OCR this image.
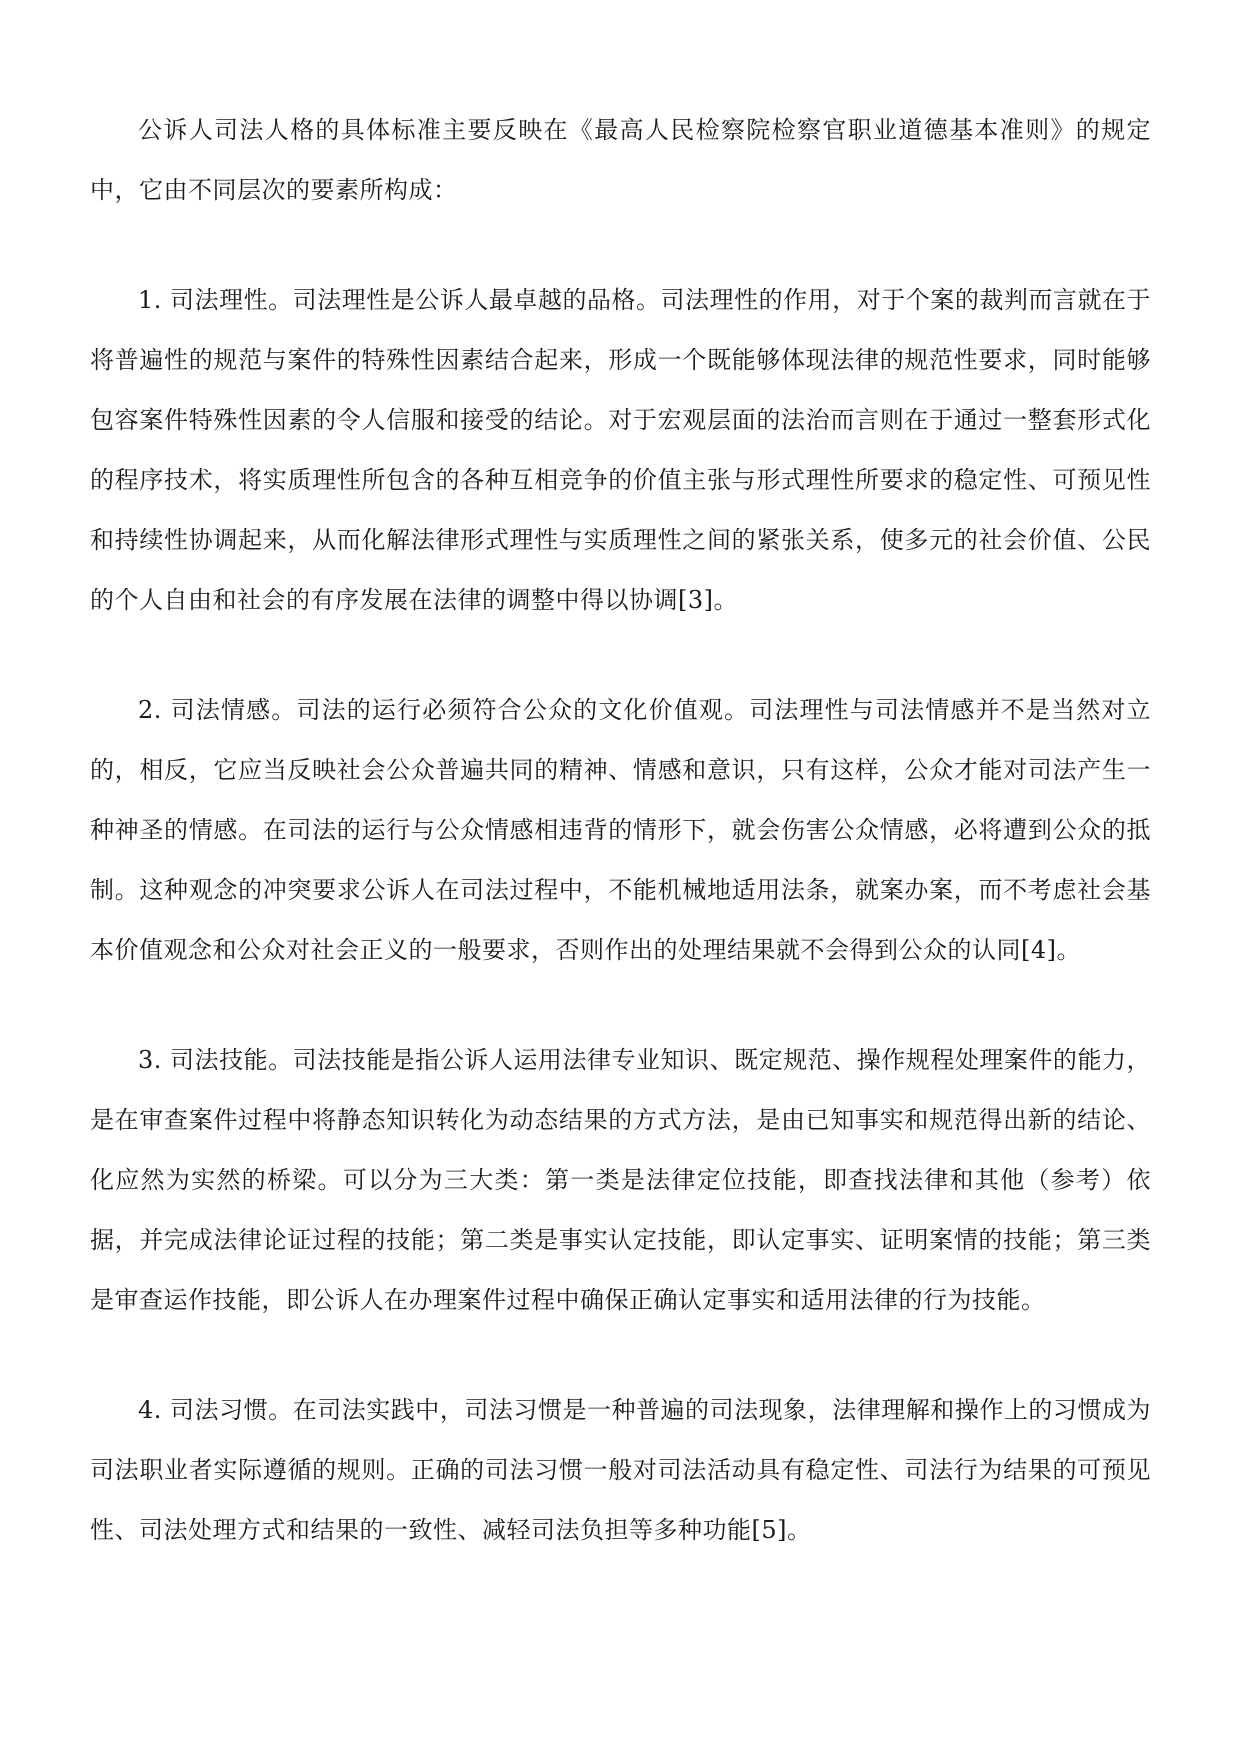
公诉人司法人格的具体标准主要反映在《最高人民检察院检察官职业道德基本准则》的规定中，它由不同层次的要素所构成：

1. 司法理性。司法理性是公诉人最卓越的品格。司法理性的作用，对于个案的裁判而言就在于将普遍性的规范与案件的特殊性因素结合起来，形成一个既能够体现法律的规范性要求，同时能够包容案件特殊性因素的令人信服和接受的结论。对于宏观层面的法治而言则在于通过一整套形式化的程序技术，将实质理性所包含的各种互相竞争的价值主张与形式理性所要求的稳定性、可预见性和持续性协调起来，从而化解法律形式理性与实质理性之间的紧张关系，使多元的社会价值、公民的个人自由和社会的有序发展在法律的调整中得以协调[3]。

2. 司法情感。司法的运行必须符合公众的文化价值观。司法理性与司法情感并不是当然对立的，相反，它应当反映社会公众普遍共同的精神、情感和意识，只有这样，公众才能对司法产生一种神圣的情感。在司法的运行与公众情感相违背的情形下，就会伤害公众情感，必将遭到公众的抵制。这种观念的冲突要求公诉人在司法过程中，不能机械地适用法条，就案办案，而不考虑社会基本价值观念和公众对社会正义的一般要求，否则作出的处理结果就不会得到公众的认同[4]。

3. 司法技能。司法技能是指公诉人运用法律专业知识、既定规范、操作规程处理案件的能力，是在审查案件过程中将静态知识转化为动态结果的方式方法，是由已知事实和规范得出新的结论、化应然为实然的桥梁。可以分为三大类：第一类是法律定位技能，即查找法律和其他（参考）依据，并完成法律论证过程的技能；第二类是事实认定技能，即认定事实、证明案情的技能；第三类是审查运作技能，即公诉人在办理案件过程中确保正确认定事实和适用法律的行为技能。

4. 司法习惯。在司法实践中，司法习惯是一种普遍的司法现象，法律理解和操作上的习惯成为司法职业者实际遵循的规则。正确的司法习惯一般对司法活动具有稳定性、司法行为结果的可预见性、司法处理方式和结果的一致性、减轻司法负担等多种功能[5]。
